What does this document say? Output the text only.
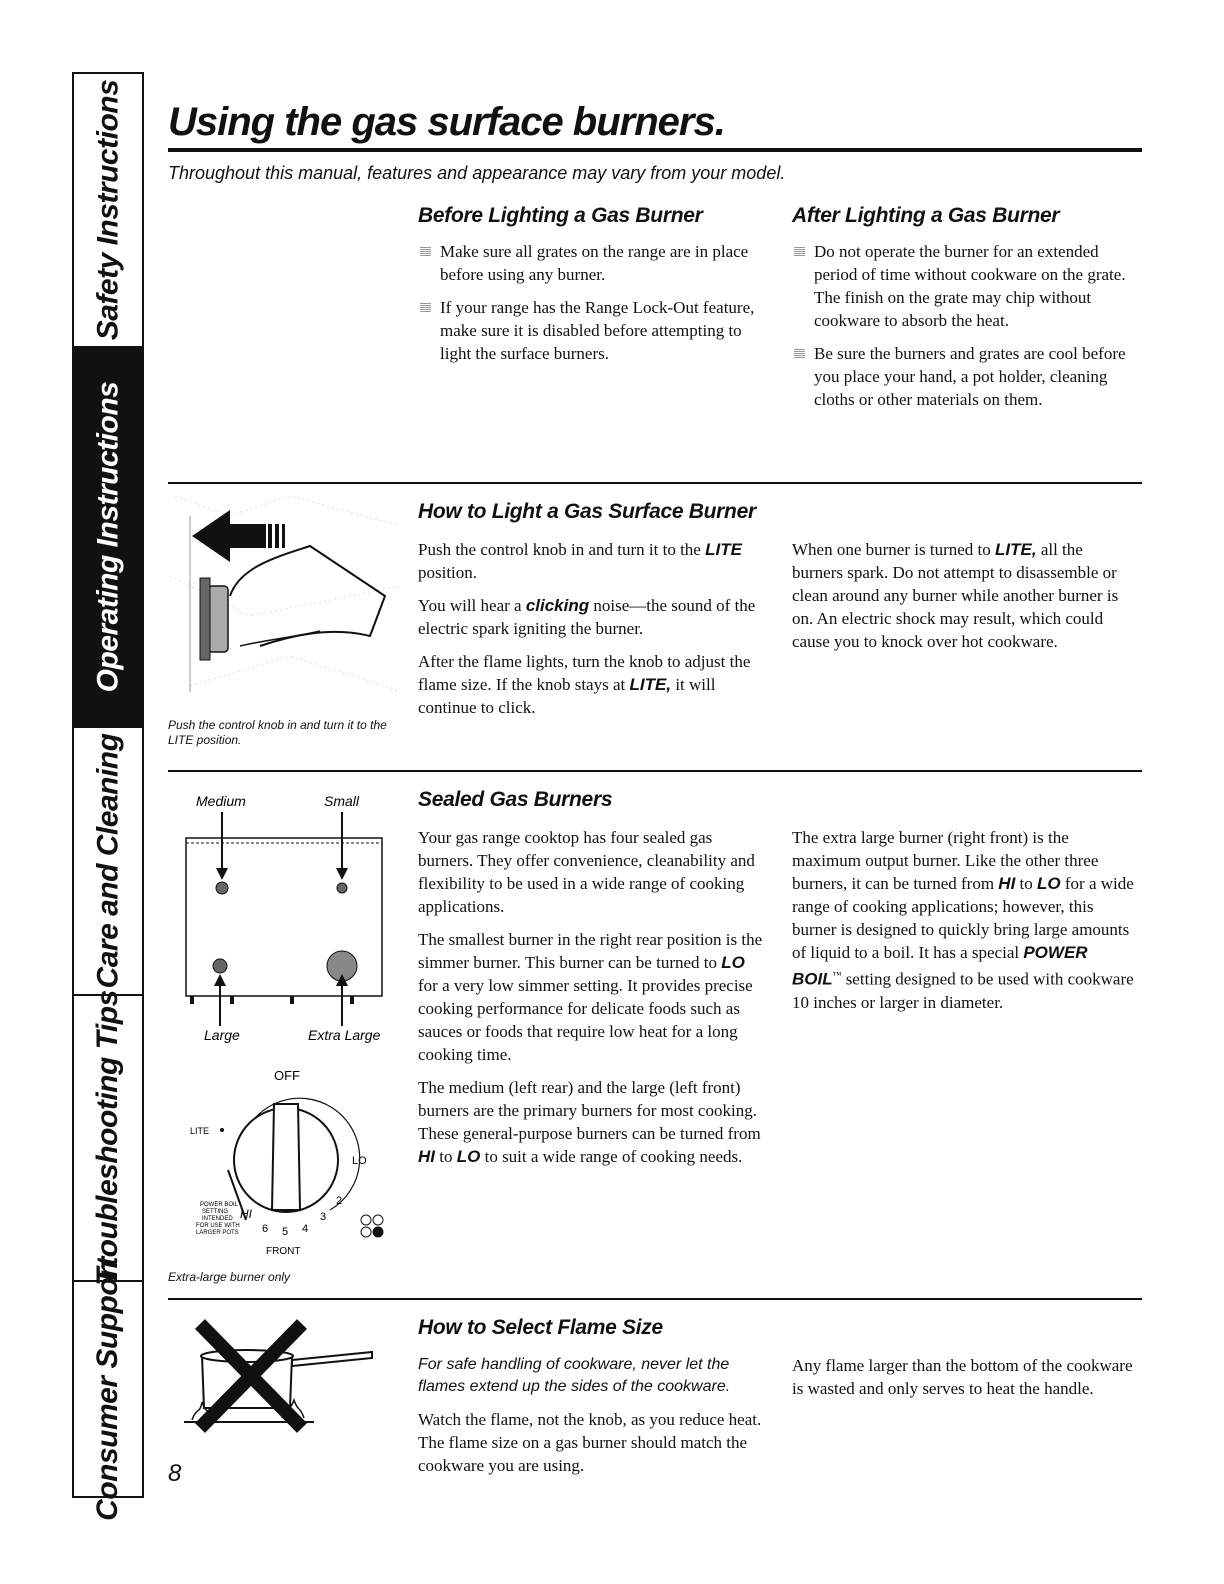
Safety Instructions
Operating Instructions
Care and Cleaning
Troubleshooting Tips
Consumer Support
Using the gas surface burners.
Throughout this manual, features and appearance may vary from your model.
Before Lighting a Gas Burner
Make sure all grates on the range are in place before using any burner.
If your range has the Range Lock-Out feature, make sure it is disabled before attempting to light the surface burners.
After Lighting a Gas Burner
Do not operate the burner for an extended period of time without cookware on the grate. The finish on the grate may chip without cookware to absorb the heat.
Be sure the burners and grates are cool before you place your hand, a pot holder, cleaning cloths or other materials on them.
Push the control knob in and turn it to the LITE position.
How to Light a Gas Surface Burner

Push the control knob in and turn it to the LITE position.

You will hear a clicking noise—the sound of the electric spark igniting the burner.

After the flame lights, turn the knob to adjust the flame size. If the knob stays at LITE, it will continue to click.

When one burner is turned to LITE, all the burners spark. Do not attempt to disassemble or clean around any burner while another burner is on. An electric shock may result, which could cause you to knock over hot cookware.

Medium	Small
Large	Extra Large
OFF
LITE
LO
POWER BOIL
SETTING
INTENDED
FOR USE WITH
LARGER POTS
HI
6 5 4
3
2
FRONT
Extra-large burner only
Sealed Gas Burners

Your gas range cooktop has four sealed gas burners. They offer convenience, cleanability and flexibility to be used in a wide range of cooking applications.

The smallest burner in the right rear position is the simmer burner. This burner can be turned to LO for a very low simmer setting. It provides precise cooking performance for delicate foods such as sauces or foods that require low heat for a long cooking time.

The medium (left rear) and the large (left front) burners are the primary burners for most cooking. These general-purpose burners can be turned from HI to LO to suit a wide range of cooking needs.

The extra large burner (right front) is the maximum output burner. Like the other three burners, it can be turned from HI to LO for a wide range of cooking applications; however, this burner is designed to quickly bring large amounts of liquid to a boil. It has a special POWER BOIL™ setting designed to be used with cookware 10 inches or larger in diameter.

How to Select Flame Size

For safe handling of cookware, never let the flames extend up the sides of the cookware.

Watch the flame, not the knob, as you reduce heat. The flame size on a gas burner should match the cookware you are using.

Any flame larger than the bottom of the cookware is wasted and only serves to heat the handle.

8
